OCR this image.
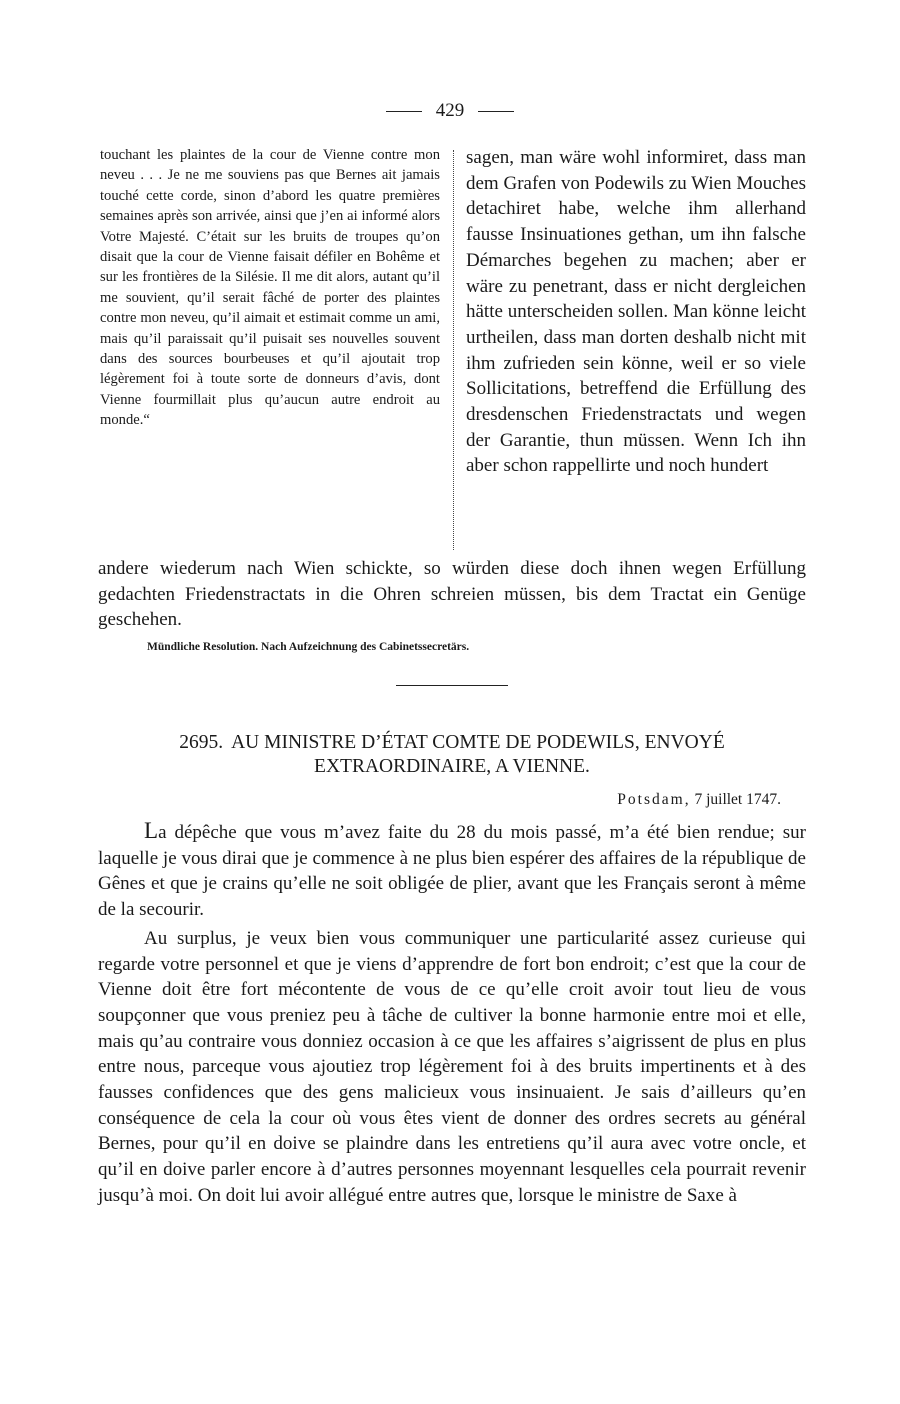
429

touchant les plaintes de la cour de Vienne contre mon neveu . . . Je ne me souviens pas que Bernes ait jamais touché cette corde, sinon d’abord les quatre premières semaines après son arrivée, ainsi que j’en ai informé alors Votre Majesté. C’était sur les bruits de troupes qu’on disait que la cour de Vienne faisait défiler en Bohême et sur les frontières de la Silésie. Il me dit alors, autant qu’il me souvient, qu’il serait fâché de porter des plaintes contre mon neveu, qu’il aimait et estimait comme un ami, mais qu’il paraissait qu’il puisait ses nouvelles souvent dans des sources bourbeuses et qu’il ajoutait trop légèrement foi à toute sorte de donneurs d’avis, dont Vienne fourmillait plus qu’aucun autre endroit au monde.“

sagen, man wäre wohl informiret, dass man dem Grafen von Podewils zu Wien Mouches detachiret habe, welche ihm allerhand fausse Insinuationes gethan, um ihn falsche Démarches begehen zu machen; aber er wäre zu penetrant, dass er nicht dergleichen hätte unterscheiden sollen. Man könne leicht urtheilen, dass man dorten deshalb nicht mit ihm zufrieden sein könne, weil er so viele Sollicitations, betreffend die Erfüllung des dresdenschen Friedenstractats und wegen der Garantie, thun müssen. Wenn Ich ihn aber schon rappellirte und noch hundert

andere wiederum nach Wien schickte, so würden diese doch ihnen wegen Erfüllung gedachten Friedenstractats in die Ohren schreien müssen, bis dem Tractat ein Genüge geschehen.

Mündliche Resolution. Nach Aufzeichnung des Cabinetssecretärs.

2695. AU MINISTRE D’ÉTAT COMTE DE PODEWILS, ENVOYÉ EXTRAORDINAIRE, A VIENNE.

Potsdam, 7 juillet 1747.

La dépêche que vous m’avez faite du 28 du mois passé, m’a été bien rendue; sur laquelle je vous dirai que je commence à ne plus bien espérer des affaires de la république de Gênes et que je crains qu’elle ne soit obligée de plier, avant que les Français seront à même de la secourir.

Au surplus, je veux bien vous communiquer une particularité assez curieuse qui regarde votre personnel et que je viens d’apprendre de fort bon endroit; c’est que la cour de Vienne doit être fort mécontente de vous de ce qu’elle croit avoir tout lieu de vous soupçonner que vous preniez peu à tâche de cultiver la bonne harmonie entre moi et elle, mais qu’au contraire vous donniez occasion à ce que les affaires s’aigrissent de plus en plus entre nous, parceque vous ajoutiez trop légèrement foi à des bruits impertinents et à des fausses confidences que des gens malicieux vous insinuaient. Je sais d’ailleurs qu’en conséquence de cela la cour où vous êtes vient de donner des ordres secrets au général Bernes, pour qu’il en doive se plaindre dans les entretiens qu’il aura avec votre oncle, et qu’il en doive parler encore à d’autres personnes moyennant lesquelles cela pourrait revenir jusqu’à moi. On doit lui avoir allégué entre autres que, lorsque le ministre de Saxe à
